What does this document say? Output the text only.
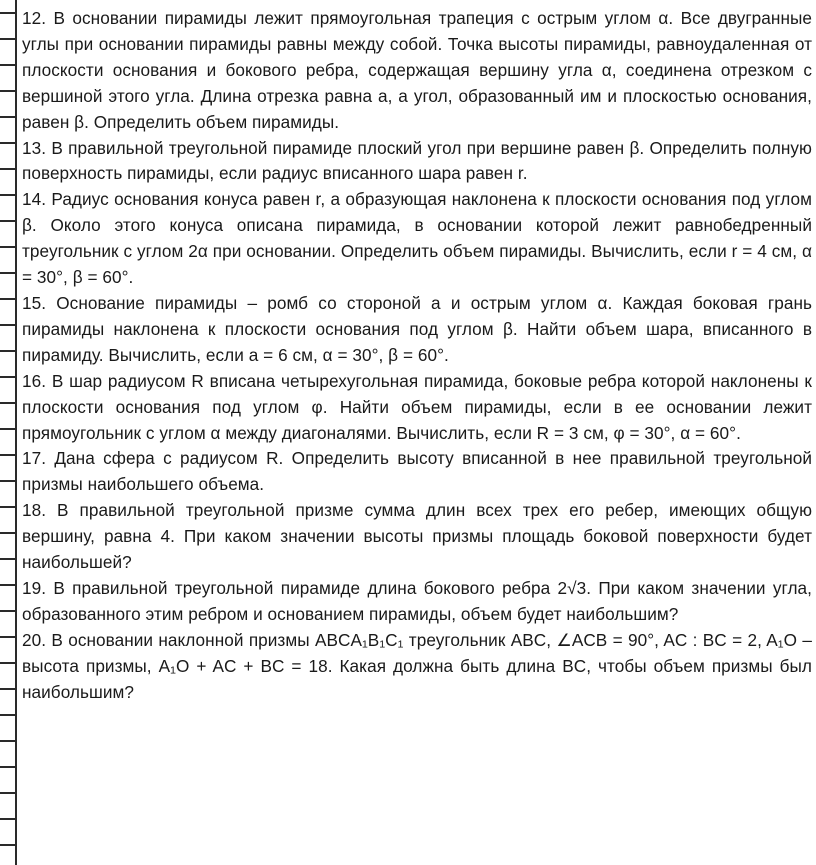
12. В основании пирамиды лежит прямоугольная трапеция с острым углом α. Все двугранные углы при основании пирамиды равны между собой. Точка высоты пирамиды, равноудаленная от плоскости основания и бокового ребра, содержащая вершину угла α, соединена отрезком с вершиной этого угла. Длина отрезка равна a, а угол, образованный им и плоскостью основания, равен β. Определить объем пирамиды.

13. В правильной треугольной пирамиде плоский угол при вершине равен β. Определить полную поверхность пирамиды, если радиус вписанного шара равен r.

14. Радиус основания конуса равен r, а образующая наклонена к плоскости основания под углом β. Около этого конуса описана пирамида, в основании которой лежит равнобедренный треугольник с углом 2α при основании. Определить объем пирамиды. Вычислить, если r = 4 см, α = 30°, β = 60°.

15. Основание пирамиды – ромб со стороной a и острым углом α. Каждая боковая грань пирамиды наклонена к плоскости основания под углом β. Найти объем шара, вписанного в пирамиду. Вычислить, если a = 6 см, α = 30°, β = 60°.

16. В шар радиусом R вписана четырехугольная пирамида, боковые ребра которой наклонены к плоскости основания под углом φ. Найти объем пирамиды, если в ее основании лежит прямоугольник с углом α между диагоналями. Вычислить, если R = 3 см, φ = 30°, α = 60°.

17. Дана сфера с радиусом R. Определить высоту вписанной в нее правильной треугольной призмы наибольшего объема.

18. В правильной треугольной призме сумма длин всех трех его ребер, имеющих общую вершину, равна 4. При каком значении высоты призмы площадь боковой поверхности будет наибольшей?

19. В правильной треугольной пирамиде длина бокового ребра 2√3. При каком значении угла, образованного этим ребром и основанием пирамиды, объем будет наибольшим?

20. В основании наклонной призмы ABCA₁B₁C₁ треугольник ABC, ∠ACB = 90°, AC : BC = 2, A₁O – высота призмы, A₁O + AC + BC = 18. Какая должна быть длина BC, чтобы объем призмы был наибольшим?
